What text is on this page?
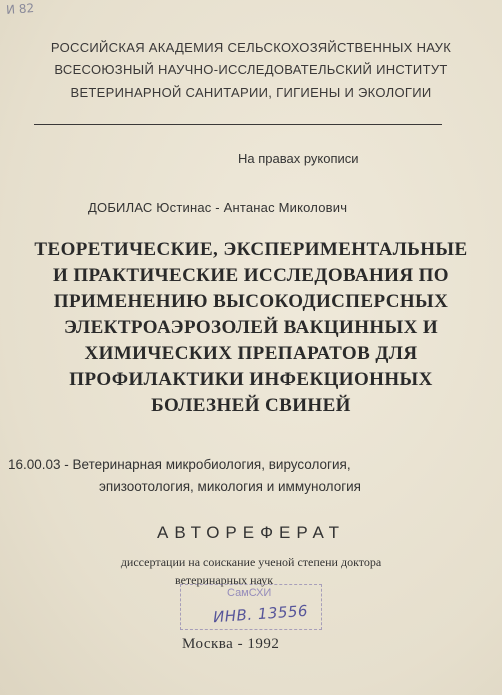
И 82
РОССИЙСКАЯ АКАДЕМИЯ СЕЛЬСКОХОЗЯЙСТВЕННЫХ НАУК
ВСЕСОЮЗНЫЙ НАУЧНО-ИССЛЕДОВАТЕЛЬСКИЙ ИНСТИТУТ
ВЕТЕРИНАРНОЙ САНИТАРИИ, ГИГИЕНЫ И ЭКОЛОГИИ
На правах рукописи
ДОБИЛАС Юстинас - Антанас Миколович
ТЕОРЕТИЧЕСКИЕ, ЭКСПЕРИМЕНТАЛЬНЫЕ
И ПРАКТИЧЕСКИЕ ИССЛЕДОВАНИЯ ПО
ПРИМЕНЕНИЮ ВЫСОКОДИСПЕРСНЫХ
ЭЛЕКТРОАЭРОЗОЛЕЙ ВАКЦИННЫХ И
ХИМИЧЕСКИХ ПРЕПАРАТОВ ДЛЯ
ПРОФИЛАКТИКИ ИНФЕКЦИОННЫХ
БОЛЕЗНЕЙ СВИНЕЙ
16.00.03 - Ветеринарная микробиология, вирусология,
эпизоотология, микология и иммунология
АВТОРЕФЕРАТ
диссертации на соискание ученой степени доктора
ветеринарных наук
СамСХИ
ИНВ. 13556
Москва - 1992
